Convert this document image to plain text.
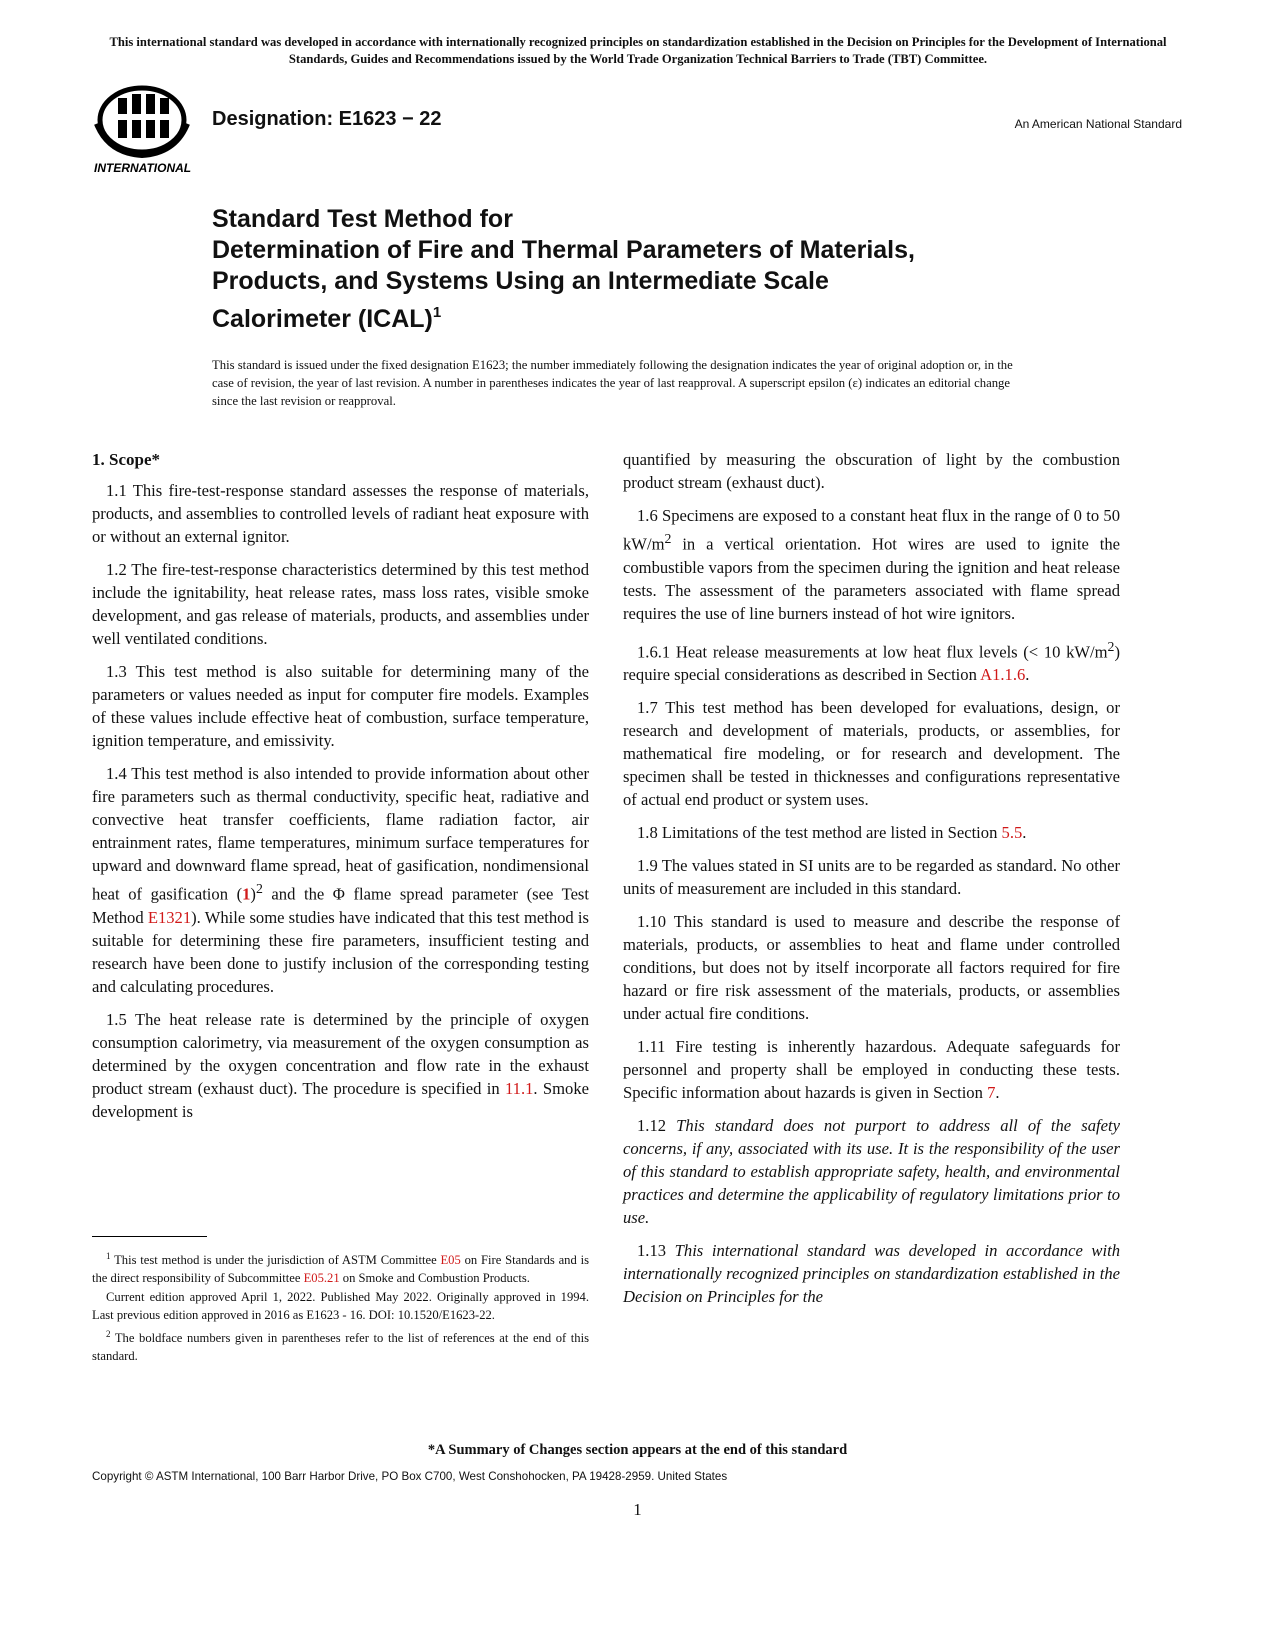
This international standard was developed in accordance with internationally recognized principles on standardization established in the Decision on Principles for the Development of International Standards, Guides and Recommendations issued by the World Trade Organization Technical Barriers to Trade (TBT) Committee.
INTERNATIONAL
Designation: E1623 − 22	An American National Standard
Standard Test Method for
Determination of Fire and Thermal Parameters of Materials,
Products, and Systems Using an Intermediate Scale
Calorimeter (ICAL)$^1$
This standard is issued under the fixed designation E1623; the number immediately following the designation indicates the year of original adoption or, in the case of revision, the year of last revision. A number in parentheses indicates the year of last reapproval. A superscript epsilon (ε) indicates an editorial change since the last revision or reapproval.
1. Scope*

1.1 This fire-test-response standard assesses the response of materials, products, and assemblies to controlled levels of radiant heat exposure with or without an external ignitor.

1.2 The fire-test-response characteristics determined by this test method include the ignitability, heat release rates, mass loss rates, visible smoke development, and gas release of materials, products, and assemblies under well ventilated conditions.

1.3 This test method is also suitable for determining many of the parameters or values needed as input for computer fire models. Examples of these values include effective heat of combustion, surface temperature, ignition temperature, and emissivity.

1.4 This test method is also intended to provide information about other fire parameters such as thermal conductivity, specific heat, radiative and convective heat transfer coefficients, flame radiation factor, air entrainment rates, flame temperatures, minimum surface temperatures for upward and downward flame spread, heat of gasification, nondimensional heat of gasification $(1)^2$ and the Φ flame spread parameter (see Test Method E1321). While some studies have indicated that this test method is suitable for determining these fire parameters, insufficient testing and research have been done to justify inclusion of the corresponding testing and calculating procedures.

1.5 The heat release rate is determined by the principle of oxygen consumption calorimetry, via measurement of the oxygen consumption as determined by the oxygen concentration and flow rate in the exhaust product stream (exhaust duct). The procedure is specified in 11.1. Smoke development is

$^1$ This test method is under the jurisdiction of ASTM Committee E05 on Fire Standards and is the direct responsibility of Subcommittee E05.21 on Smoke and Combustion Products.

Current edition approved April 1, 2022. Published May 2022. Originally approved in 1994. Last previous edition approved in 2016 as E1623 - 16. DOI: 10.1520/E1623-22.

$^2$ The boldface numbers given in parentheses refer to the list of references at the end of this standard.

quantified by measuring the obscuration of light by the combustion product stream (exhaust duct).

1.6 Specimens are exposed to a constant heat flux in the range of 0 to 50 $kW/m^2$ in a vertical orientation. Hot wires are used to ignite the combustible vapors from the specimen during the ignition and heat release tests. The assessment of the parameters associated with flame spread requires the use of line burners instead of hot wire ignitors.

1.6.1 Heat release measurements at low heat flux levels (< 10 $kW/m^2$) require special considerations as described in Section A1.1.6.

1.7 This test method has been developed for evaluations, design, or research and development of materials, products, or assemblies, for mathematical fire modeling, or for research and development. The specimen shall be tested in thicknesses and configurations representative of actual end product or system uses.

1.8 Limitations of the test method are listed in Section 5.5.

1.9 The values stated in SI units are to be regarded as standard. No other units of measurement are included in this standard.

1.10 This standard is used to measure and describe the response of materials, products, or assemblies to heat and flame under controlled conditions, but does not by itself incorporate all factors required for fire hazard or fire risk assessment of the materials, products, or assemblies under actual fire conditions.

1.11 Fire testing is inherently hazardous. Adequate safeguards for personnel and property shall be employed in conducting these tests. Specific information about hazards is given in Section 7.

1.12 This standard does not purport to address all of the safety concerns, if any, associated with its use. It is the responsibility of the user of this standard to establish appropriate safety, health, and environmental practices and determine the applicability of regulatory limitations prior to use.

1.13 This international standard was developed in accordance with internationally recognized principles on standardization established in the Decision on Principles for the

*A Summary of Changes section appears at the end of this standard
Copyright © ASTM International, 100 Barr Harbor Drive, PO Box C700, West Conshohocken, PA 19428-2959. United States
1
